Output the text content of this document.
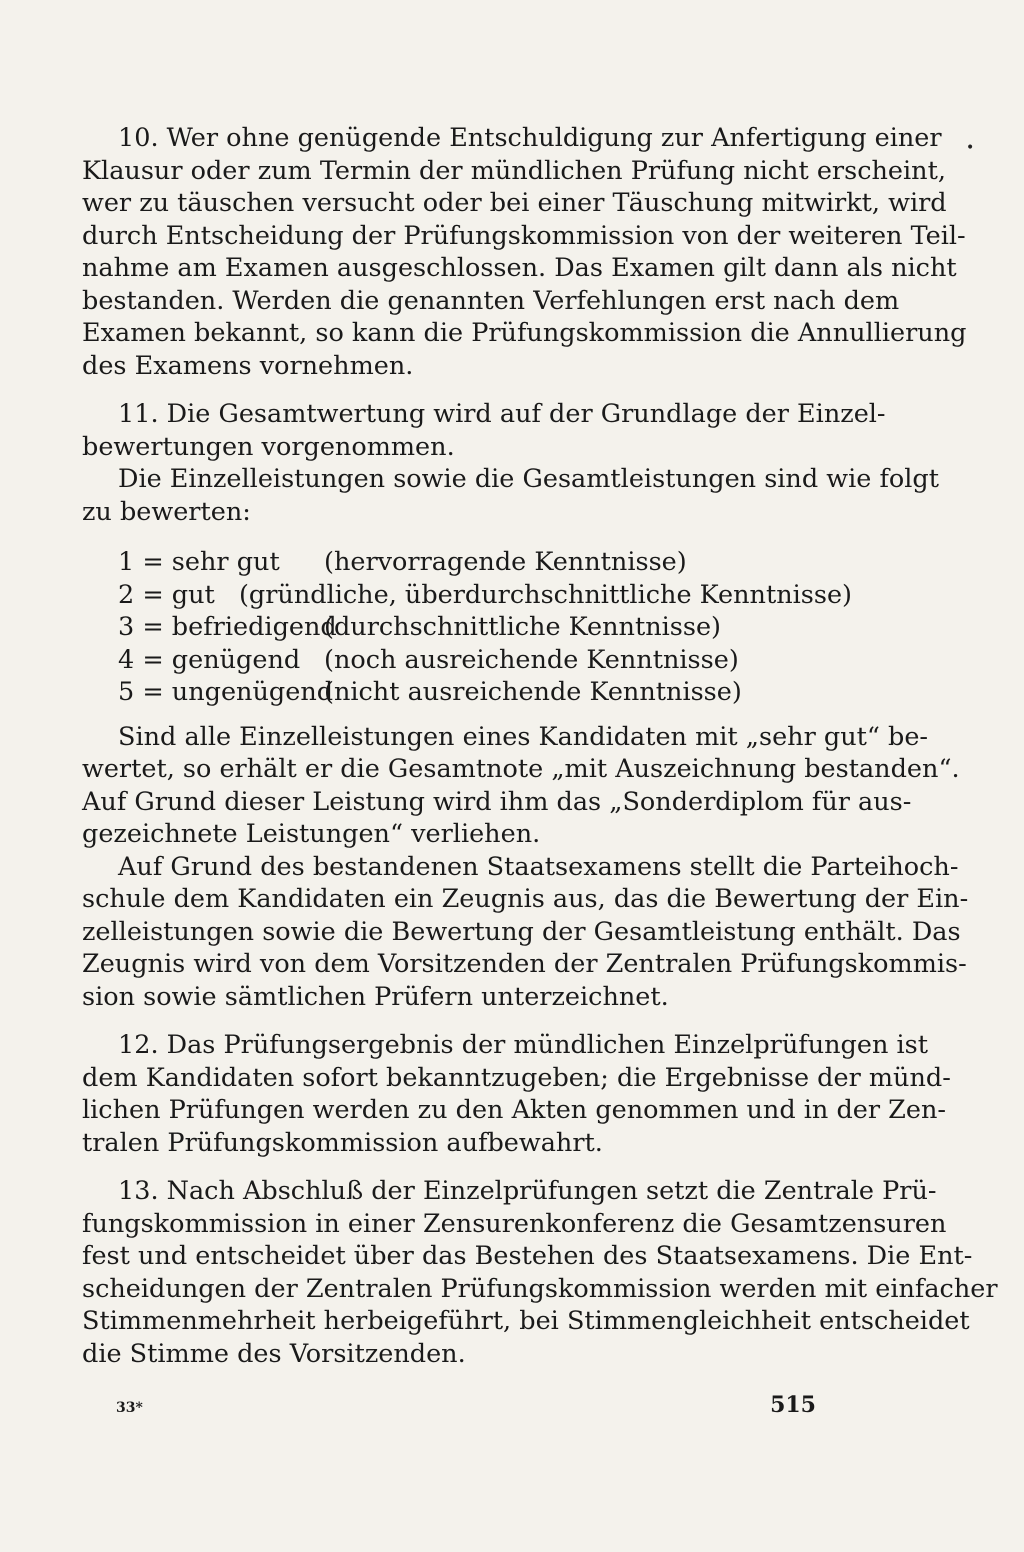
•
10. Wer ohne genügende Entschuldigung zur Anfertigung einer
Klausur oder zum Termin der mündlichen Prüfung nicht erscheint,
wer zu täuschen versucht oder bei einer Täuschung mitwirkt, wird
durch Entscheidung der Prüfungskommission von der weiteren Teil-
nahme am Examen ausgeschlossen. Das Examen gilt dann als nicht
bestanden. Werden die genannten Verfehlungen erst nach dem
Examen bekannt, so kann die Prüfungskommission die Annullierung
des Examens vornehmen.
11. Die Gesamtwertung wird auf der Grundlage der Einzel-
bewertungen vorgenommen.
Die Einzelleistungen sowie die Gesamtleistungen sind wie folgt
zu bewerten:
1 = sehr gut	(hervorragende Kenntnisse)
2 = gut (gründliche, überdurchschnittliche Kenntnisse)
3 = befriedigend
(durchschnittliche Kenntnisse)
4 = genügend (noch ausreichende Kenntnisse)
5 = ungenügend
(nicht ausreichende Kenntnisse)
Sind alle Einzelleistungen eines Kandidaten mit „sehr gut“ be-
wertet, so erhält er die Gesamtnote „mit Auszeichnung bestanden“.
Auf Grund dieser Leistung wird ihm das „Sonderdiplom für aus-
gezeichnete Leistungen“ verliehen.
Auf Grund des bestandenen Staatsexamens stellt die Parteihoch-
schule dem Kandidaten ein Zeugnis aus, das die Bewertung der Ein-
zelleistungen sowie die Bewertung der Gesamtleistung enthält. Das
Zeugnis wird von dem Vorsitzenden der Zentralen Prüfungskommis-
sion sowie sämtlichen Prüfern unterzeichnet.
12. Das Prüfungsergebnis der mündlichen Einzelprüfungen ist
dem Kandidaten sofort bekanntzugeben; die Ergebnisse der münd-
lichen Prüfungen werden zu den Akten genommen und in der Zen-
tralen Prüfungskommission aufbewahrt.
13. Nach Abschluß der Einzelprüfungen setzt die Zentrale Prü-
fungskommission in einer Zensurenkonferenz die Gesamtzensuren
fest und entscheidet über das Bestehen des Staatsexamens. Die Ent-
scheidungen der Zentralen Prüfungskommission werden mit einfacher
Stimmenmehrheit herbeigeführt, bei Stimmengleichheit entscheidet
die Stimme des Vorsitzenden.
33*	515
